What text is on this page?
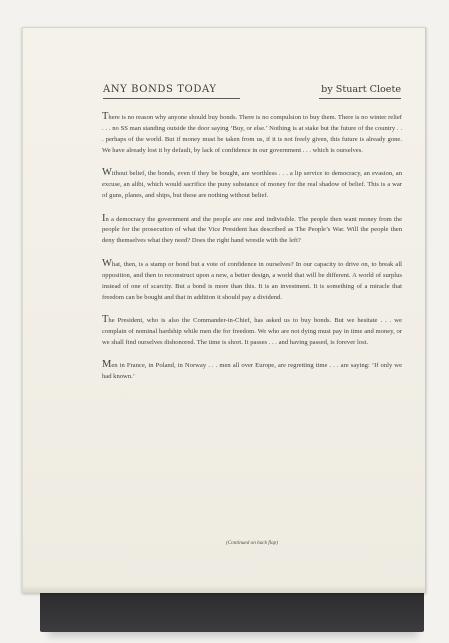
ANY BONDS TODAY	by Stuart Cloete

There is no reason why anyone should buy bonds. There is no compulsion to buy them. There is no winter relief . . . no SS man standing outside the door saying ‘Buy, or else.’ Nothing is at stake but the future of the country . . . perhaps of the world. But if money must be taken from us, if it is not freely given, this future is already gone. We have already lost it by default, by lack of confidence in our government . . . which is ourselves.

Without belief, the bonds, even if they be bought, are worthless . . . a lip service to democracy, an evasion, an excuse, an alibi, which would sacrifice the puny substance of money for the real shadow of belief. This is a war of guns, planes, and ships, but these are nothing without belief.

In a democracy the government and the people are one and indivisible. The people then want money from the people for the prosecution of what the Vice President has described as The People’s War. Will the people then deny themselves what they need? Does the right hand wrestle with the left?

What, then, is a stamp or bond but a vote of confidence in ourselves? In our capacity to drive on, to break all opposition, and then to reconstruct upon a new, a better design, a world that will be different. A world of surplus instead of one of scarcity. But a bond is more than this. It is an investment. It is something of a miracle that freedom can be bought and that in addition it should pay a dividend.

The President, who is also the Commander-in-Chief, has asked us to buy bonds. But we hesitate . . . we complain of nominal hardship while men die for freedom. We who are not dying must pay in time and money, or we shall find ourselves dishonored. The time is short. It passes . . . and having passed, is forever lost.

Men in France, in Poland, in Norway . . . men all over Europe, are regretting time . . . are saying: ‘If only we had known.’

(Continued on back flap)
